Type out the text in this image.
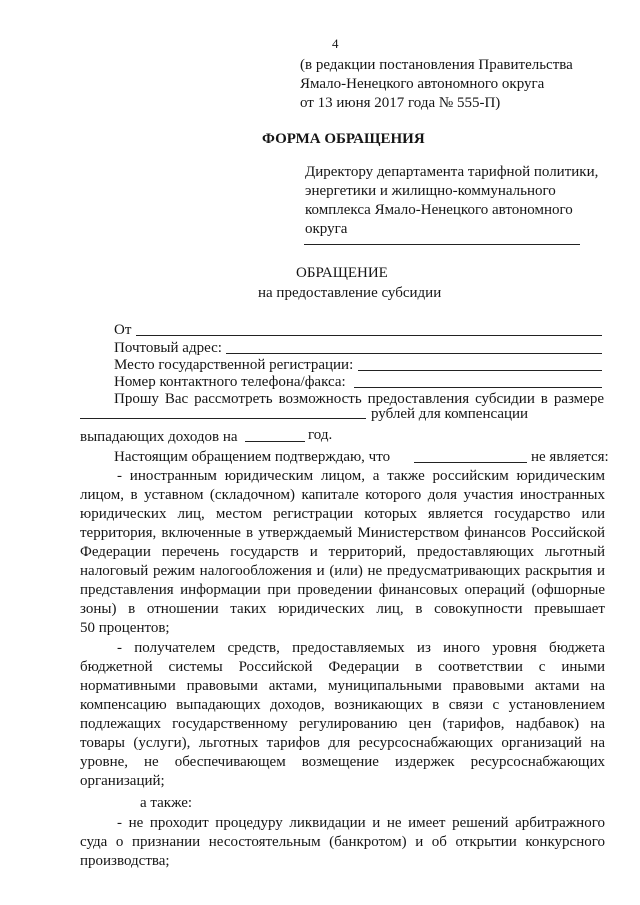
4
(в редакции постановления Правительства
Ямало-Ненецкого автономного округа
от 13 июня 2017 года № 555-П)
ФОРМА ОБРАЩЕНИЯ
Директору департамента тарифной политики,
энергетики и жилищно-коммунального
комплекса Ямало-Ненецкого автономного
округа
ОБРАЩЕНИЕ
на предоставление субсидии
От
Почтовый адрес:
Место государственной регистрации:
Номер контактного телефона/факса:
Прошу Вас рассмотреть возможность предоставления субсидии в размере
рублей для компенсации
выпадающих доходов на	год.
Настоящим обращением подтверждаю, что	не является:
- иностранным юридическим лицом, а также российским юридическим
лицом, в уставном (складочном) капитале которого доля участия иностранных
юридических лиц, местом регистрации которых является государство или
территория, включенные в утверждаемый Министерством финансов Российской
Федерации перечень государств и территорий, предоставляющих льготный
налоговый режим налогообложения и (или) не предусматривающих раскрытия и
представления информации при проведении финансовых операций (офшорные
зоны) в отношении таких юридических лиц, в совокупности превышает
50 процентов;
- получателем средств, предоставляемых из иного уровня бюджета
бюджетной системы Российской Федерации в соответствии с иными
нормативными правовыми актами, муниципальными правовыми актами на
компенсацию выпадающих доходов, возникающих в связи с установлением
подлежащих государственному регулированию цен (тарифов, надбавок) на
товары (услуги), льготных тарифов для ресурсоснабжающих организаций на
уровне, не обеспечивающем возмещение издержек ресурсоснабжающих
организаций;
а также:
- не проходит процедуру ликвидации и не имеет решений арбитражного
суда о признании несостоятельным (банкротом) и об открытии конкурсного
производства;
